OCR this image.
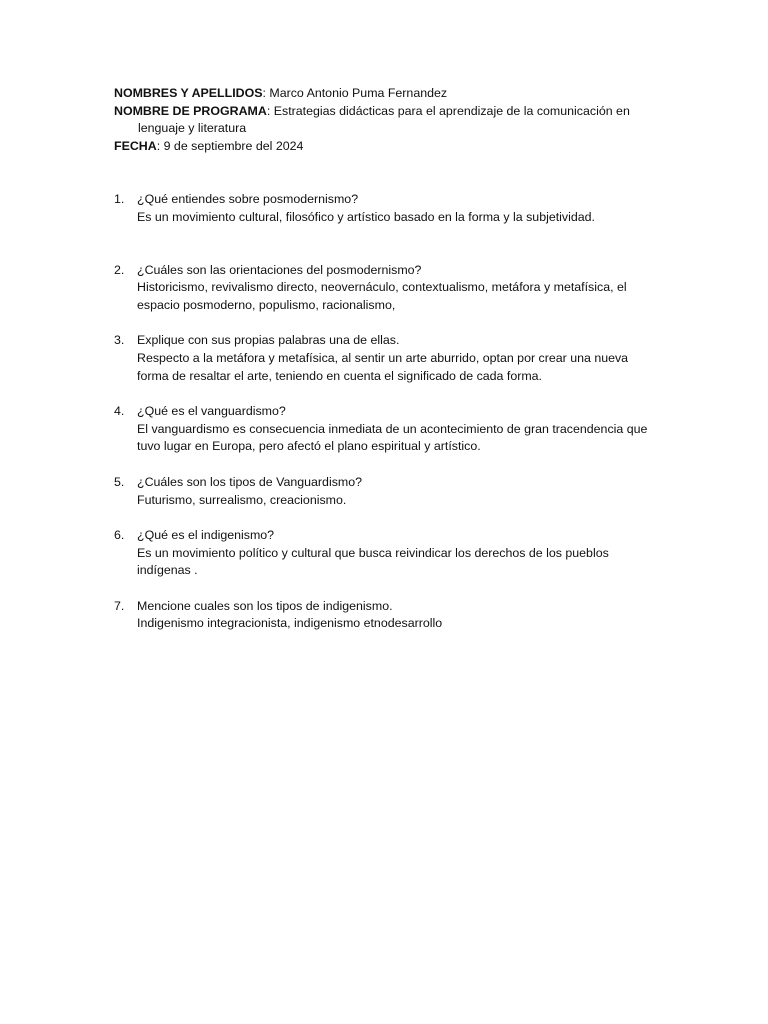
NOMBRES Y APELLIDOS: Marco Antonio Puma Fernandez

NOMBRE DE PROGRAMA: Estrategias didácticas para el aprendizaje de la comunicación en lenguaje y literatura

FECHA: 9 de septiembre del 2024

1.	¿Qué entiendes sobre posmodernismo?
Es un movimiento cultural, filosófico y artístico basado en la forma y la subjetividad.
2.	¿Cuáles son las orientaciones del posmodernismo?
Historicismo, revivalismo directo, neovernáculo, contextualismo, metáfora y metafísica, el espacio posmoderno, populismo, racionalismo,
3.	Explique con sus propias palabras una de ellas.
Respecto a la metáfora y metafísica, al sentir un arte aburrido, optan por crear una nueva forma de resaltar el arte, teniendo en cuenta el significado de cada forma.
4.	¿Qué es el vanguardismo?
El vanguardismo es consecuencia inmediata de un acontecimiento de gran tracendencia que tuvo lugar en Europa, pero afectó el plano espiritual y artístico.
5.	¿Cuáles son los tipos de Vanguardismo?
Futurismo, surrealismo, creacionismo.
6.	¿Qué es el indigenismo?
Es un movimiento político y cultural que busca reivindicar los derechos de los pueblos indígenas .
7.	Mencione cuales son los tipos de indigenismo.
Indigenismo integracionista, indigenismo etnodesarrollo
